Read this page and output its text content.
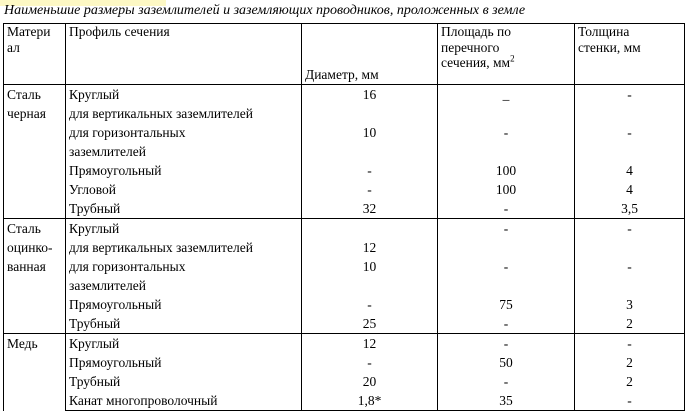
Наименьшие размеры заземлителей и заземляющих проводников, проложенных в земле
Матери
ал	Профиль сечения	Диаметр, мм	Площадь по
перечного
сечения, $мм^2$	Толщина
стенки, мм
Сталь
черная	Круглый	16	_	-
	для вертикальных заземлителей			
	для горизонтальных	10	-	-
	заземлителей			
	Прямоугольный	-	100	4
	Угловой	-	100	4
	Трубный	32	-	3,5
Сталь
оцинко-
ванная	Круглый		-	-
	для вертикальных заземлителей	12		
	для горизонтальных	10	-	-
	заземлителей			
	Прямоугольный	-	75	3
	Трубный	25	-	2
Медь	Круглый	12	-	-
	Прямоугольный	-	50	2
	Трубный	20	-	2
	Канат многопроволочный	1,8*	35	-
